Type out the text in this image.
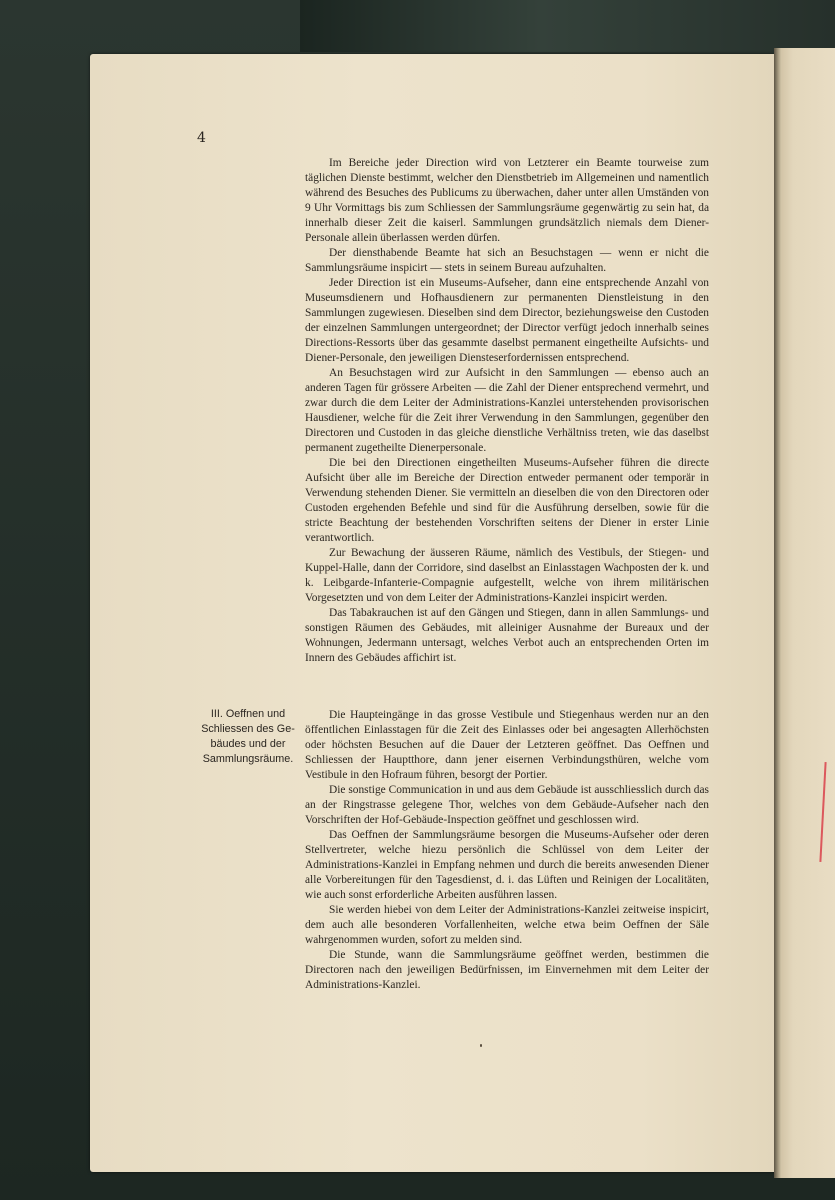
4

Im Bereiche jeder Direction wird von Letzterer ein Beamte tourweise zum täglichen Dienste bestimmt, welcher den Dienstbetrieb im Allgemeinen und namentlich während des Besuches des Publicums zu überwachen, daher unter allen Umständen von 9 Uhr Vormittags bis zum Schliessen der Sammlungsräume gegenwärtig zu sein hat, da innerhalb dieser Zeit die kaiserl. Sammlungen grundsätzlich niemals dem Diener-Personale allein überlassen werden dürfen.

Der diensthabende Beamte hat sich an Besuchstagen — wenn er nicht die Sammlungsräume inspicirt — stets in seinem Bureau aufzuhalten.

Jeder Direction ist ein Museums-Aufseher, dann eine entsprechende Anzahl von Museumsdienern und Hofhausdienern zur permanenten Dienstleistung in den Sammlungen zugewiesen. Dieselben sind dem Director, beziehungsweise den Custoden der einzelnen Sammlungen untergeordnet; der Director verfügt jedoch innerhalb seines Directions-Ressorts über das gesammte daselbst permanent eingetheilte Aufsichts- und Diener-Personale, den jeweiligen Diensteserfordernissen entsprechend.

An Besuchstagen wird zur Aufsicht in den Sammlungen — ebenso auch an anderen Tagen für grössere Arbeiten — die Zahl der Diener entsprechend vermehrt, und zwar durch die dem Leiter der Administrations-Kanzlei unterstehenden provisorischen Hausdiener, welche für die Zeit ihrer Verwendung in den Sammlungen, gegenüber den Directoren und Custoden in das gleiche dienstliche Verhältniss treten, wie das daselbst permanent zugetheilte Dienerpersonale.

Die bei den Directionen eingetheilten Museums-Aufseher führen die directe Aufsicht über alle im Bereiche der Direction entweder permanent oder temporär in Verwendung stehenden Diener. Sie vermitteln an dieselben die von den Directoren oder Custoden ergehenden Befehle und sind für die Ausführung derselben, sowie für die stricte Beachtung der bestehenden Vorschriften seitens der Diener in erster Linie verantwortlich.

Zur Bewachung der äusseren Räume, nämlich des Vestibuls, der Stiegen- und Kuppel-Halle, dann der Corridore, sind daselbst an Einlasstagen Wachposten der k. und k. Leibgarde-Infanterie-Compagnie aufgestellt, welche von ihrem militärischen Vorgesetzten und von dem Leiter der Administrations-Kanzlei inspicirt werden.

Das Tabakrauchen ist auf den Gängen und Stiegen, dann in allen Sammlungs- und sonstigen Räumen des Gebäudes, mit alleiniger Ausnahme der Bureaux und der Wohnungen, Jedermann untersagt, welches Verbot auch an entsprechenden Orten im Innern des Gebäudes affichirt ist.

III. Oeffnen und
Schliessen des Ge-
bäudes und der
Sammlungsräume.

Die Haupteingänge in das grosse Vestibule und Stiegenhaus werden nur an den öffentlichen Einlasstagen für die Zeit des Einlasses oder bei angesagten Allerhöchsten oder höchsten Besuchen auf die Dauer der Letzteren geöffnet. Das Oeffnen und Schliessen der Hauptthore, dann jener eisernen Verbindungsthüren, welche vom Vestibule in den Hofraum führen, besorgt der Portier.

Die sonstige Communication in und aus dem Gebäude ist ausschliesslich durch das an der Ringstrasse gelegene Thor, welches von dem Gebäude-Aufseher nach den Vorschriften der Hof-Gebäude-Inspection geöffnet und geschlossen wird.

Das Oeffnen der Sammlungsräume besorgen die Museums-Aufseher oder deren Stellvertreter, welche hiezu persönlich die Schlüssel von dem Leiter der Administrations-Kanzlei in Empfang nehmen und durch die bereits anwesenden Diener alle Vorbereitungen für den Tagesdienst, d. i. das Lüften und Reinigen der Localitäten, wie auch sonst erforderliche Arbeiten ausführen lassen.

Sie werden hiebei von dem Leiter der Administrations-Kanzlei zeitweise inspicirt, dem auch alle besonderen Vorfallenheiten, welche etwa beim Oeffnen der Säle wahrgenommen wurden, sofort zu melden sind.

Die Stunde, wann die Sammlungsräume geöffnet werden, bestimmen die Directoren nach den jeweiligen Bedürfnissen, im Einvernehmen mit dem Leiter der Administrations-Kanzlei.
